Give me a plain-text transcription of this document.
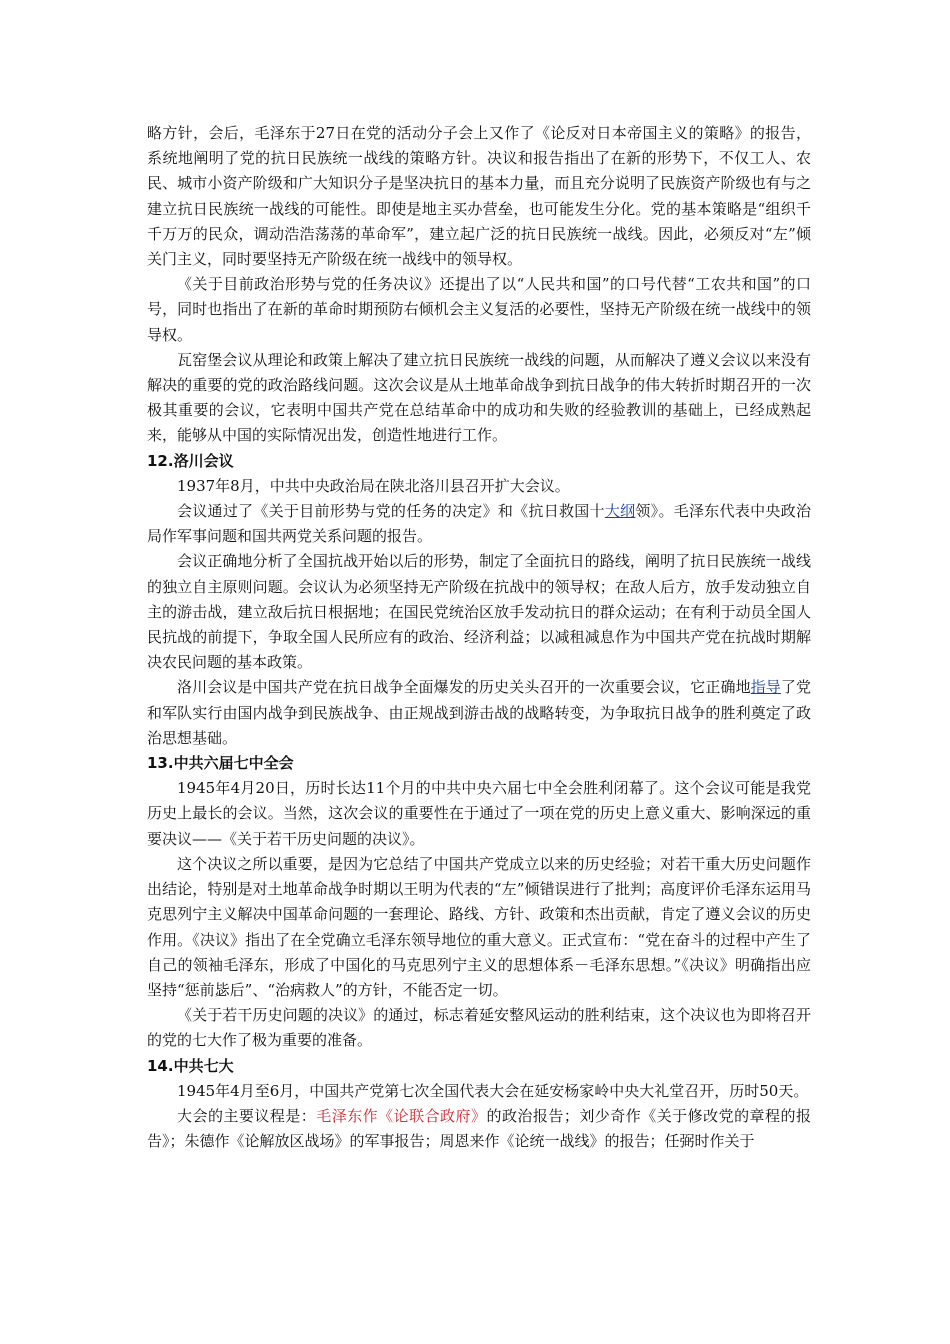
略方针，会后，毛泽东于27日在党的活动分子会上又作了《论反对日本帝国主义的策略》的报告，系统地阐明了党的抗日民族统一战线的策略方针。决议和报告指出了在新的形势下，不仅工人、农民、城市小资产阶级和广大知识分子是坚决抗日的基本力量，而且充分说明了民族资产阶级也有与之建立抗日民族统一战线的可能性。即使是地主买办营垒，也可能发生分化。党的基本策略是“组织千千万万的民众，调动浩浩荡荡的革命军”，建立起广泛的抗日民族统一战线。因此，必须反对“左”倾关门主义，同时要坚持无产阶级在统一战线中的领导权。

《关于目前政治形势与党的任务决议》还提出了以“人民共和国”的口号代替“工农共和国”的口号，同时也指出了在新的革命时期预防右倾机会主义复活的必要性，坚持无产阶级在统一战线中的领导权。

瓦窑堡会议从理论和政策上解决了建立抗日民族统一战线的问题，从而解决了遵义会议以来没有解决的重要的党的政治路线问题。这次会议是从土地革命战争到抗日战争的伟大转折时期召开的一次极其重要的会议，它表明中国共产党在总结革命中的成功和失败的经验教训的基础上，已经成熟起来，能够从中国的实际情况出发，创造性地进行工作。

12.洛川会议

1937年8月，中共中央政治局在陕北洛川县召开扩大会议。

会议通过了《关于目前形势与党的任务的决定》和《抗日救国十大纲领》。毛泽东代表中央政治局作军事问题和国共两党关系问题的报告。

会议正确地分析了全国抗战开始以后的形势，制定了全面抗日的路线，阐明了抗日民族统一战线的独立自主原则问题。会议认为必须坚持无产阶级在抗战中的领导权；在敌人后方，放手发动独立自主的游击战，建立敌后抗日根据地；在国民党统治区放手发动抗日的群众运动；在有利于动员全国人民抗战的前提下，争取全国人民所应有的政治、经济利益；以减租减息作为中国共产党在抗战时期解决农民问题的基本政策。

洛川会议是中国共产党在抗日战争全面爆发的历史关头召开的一次重要会议，它正确地指导了党和军队实行由国内战争到民族战争、由正规战到游击战的战略转变，为争取抗日战争的胜利奠定了政治思想基础。

13.中共六届七中全会

1945年4月20日，历时长达11个月的中共中央六届七中全会胜利闭幕了。这个会议可能是我党历史上最长的会议。当然，这次会议的重要性在于通过了一项在党的历史上意义重大、影响深远的重要决议——《关于若干历史问题的决议》。

这个决议之所以重要，是因为它总结了中国共产党成立以来的历史经验；对若干重大历史问题作出结论，特别是对土地革命战争时期以王明为代表的“左”倾错误进行了批判；高度评价毛泽东运用马克思列宁主义解决中国革命问题的一套理论、路线、方针、政策和杰出贡献，肯定了遵义会议的历史作用。《决议》指出了在全党确立毛泽东领导地位的重大意义。正式宣布：“党在奋斗的过程中产生了自己的领袖毛泽东，形成了中国化的马克思列宁主义的思想体系－毛泽东思想。”《决议》明确指出应坚持“惩前毖后”、“治病救人”的方针，不能否定一切。

《关于若干历史问题的决议》的通过，标志着延安整风运动的胜利结束，这个决议也为即将召开的党的七大作了极为重要的准备。

14.中共七大

1945年4月至6月，中国共产党第七次全国代表大会在延安杨家岭中央大礼堂召开，历时50天。

大会的主要议程是：毛泽东作《论联合政府》的政治报告；刘少奇作《关于修改党的章程的报告》；朱德作《论解放区战场》的军事报告；周恩来作《论统一战线》的报告；任弼时作关于
